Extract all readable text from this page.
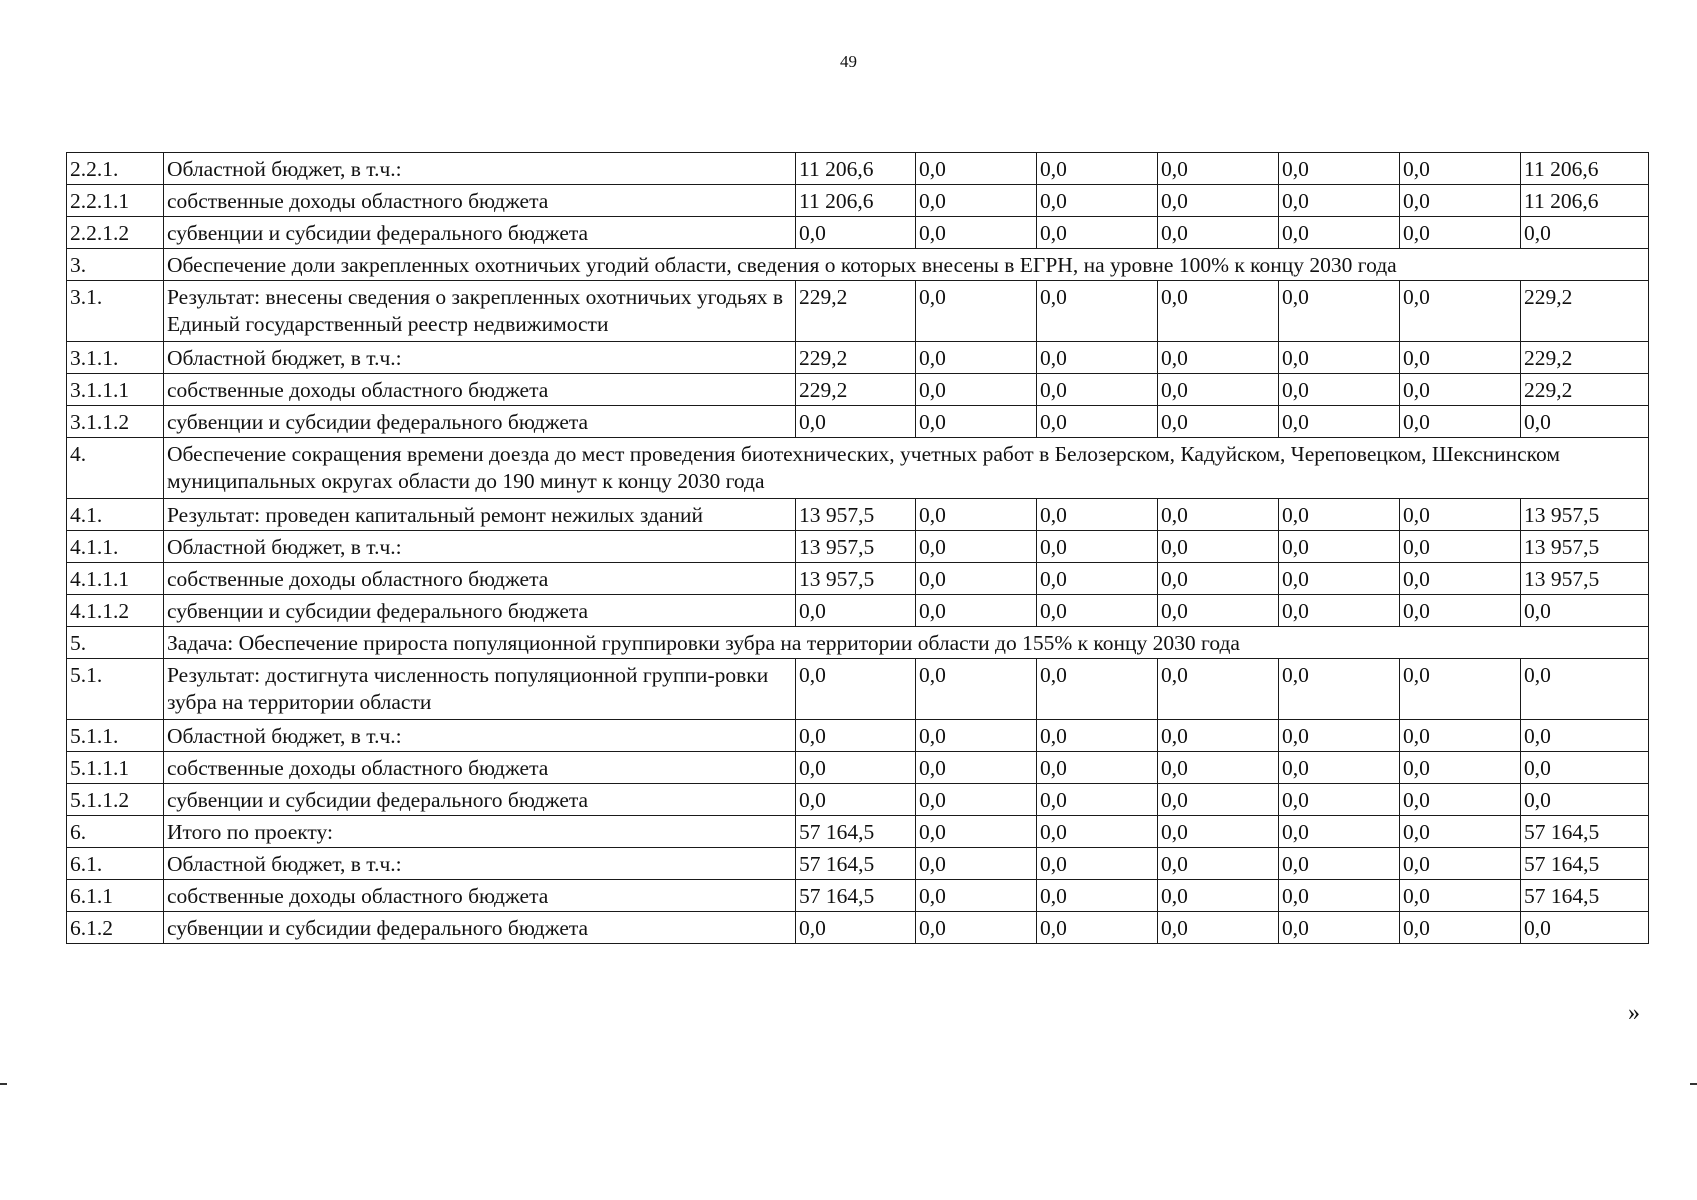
49
2.2.1.	Областной бюджет, в т.ч.:	11 206,6	0,0	0,0	0,0	0,0	0,0	11 206,6
2.2.1.1	собственные доходы областного бюджета	11 206,6	0,0	0,0	0,0	0,0	0,0	11 206,6
2.2.1.2	субвенции и субсидии федерального бюджета	0,0	0,0	0,0	0,0	0,0	0,0	0,0
3.	Обеспечение доли закрепленных охотничьих угодий области, сведения о которых внесены в ЕГРН, на уровне 100% к концу 2030 года							
3.1.	Результат: внесены сведения о закрепленных охотничьих угодьях в Единый государственный реестр недвижимости	229,2	0,0	0,0	0,0	0,0	0,0	229,2
3.1.1.	Областной бюджет, в т.ч.:	229,2	0,0	0,0	0,0	0,0	0,0	229,2
3.1.1.1	собственные доходы областного бюджета	229,2	0,0	0,0	0,0	0,0	0,0	229,2
3.1.1.2	субвенции и субсидии федерального бюджета	0,0	0,0	0,0	0,0	0,0	0,0	0,0
4.	Обеспечение сокращения времени доезда до мест проведения биотехнических, учетных работ в Белозерском, Кадуйском, Череповецком, Шекснинском муниципальных округах области до 190 минут к концу 2030 года							
4.1.	Результат: проведен капитальный ремонт нежилых зданий	13 957,5	0,0	0,0	0,0	0,0	0,0	13 957,5
4.1.1.	Областной бюджет, в т.ч.:	13 957,5	0,0	0,0	0,0	0,0	0,0	13 957,5
4.1.1.1	собственные доходы областного бюджета	13 957,5	0,0	0,0	0,0	0,0	0,0	13 957,5
4.1.1.2	субвенции и субсидии федерального бюджета	0,0	0,0	0,0	0,0	0,0	0,0	0,0
5.	Задача: Обеспечение прироста популяционной группировки зубра на территории области до 155% к концу 2030 года							
5.1.	Результат: достигнута численность популяционной группи-ровки зубра на территории области	0,0	0,0	0,0	0,0	0,0	0,0	0,0
5.1.1.	Областной бюджет, в т.ч.:	0,0	0,0	0,0	0,0	0,0	0,0	0,0
5.1.1.1	собственные доходы областного бюджета	0,0	0,0	0,0	0,0	0,0	0,0	0,0
5.1.1.2	субвенции и субсидии федерального бюджета	0,0	0,0	0,0	0,0	0,0	0,0	0,0
6.	Итого по проекту:	57 164,5	0,0	0,0	0,0	0,0	0,0	57 164,5
6.1.	Областной бюджет, в т.ч.:	57 164,5	0,0	0,0	0,0	0,0	0,0	57 164,5
6.1.1	собственные доходы областного бюджета	57 164,5	0,0	0,0	0,0	0,0	0,0	57 164,5
6.1.2	субвенции и субсидии федерального бюджета	0,0	0,0	0,0	0,0	0,0	0,0	0,0
»
